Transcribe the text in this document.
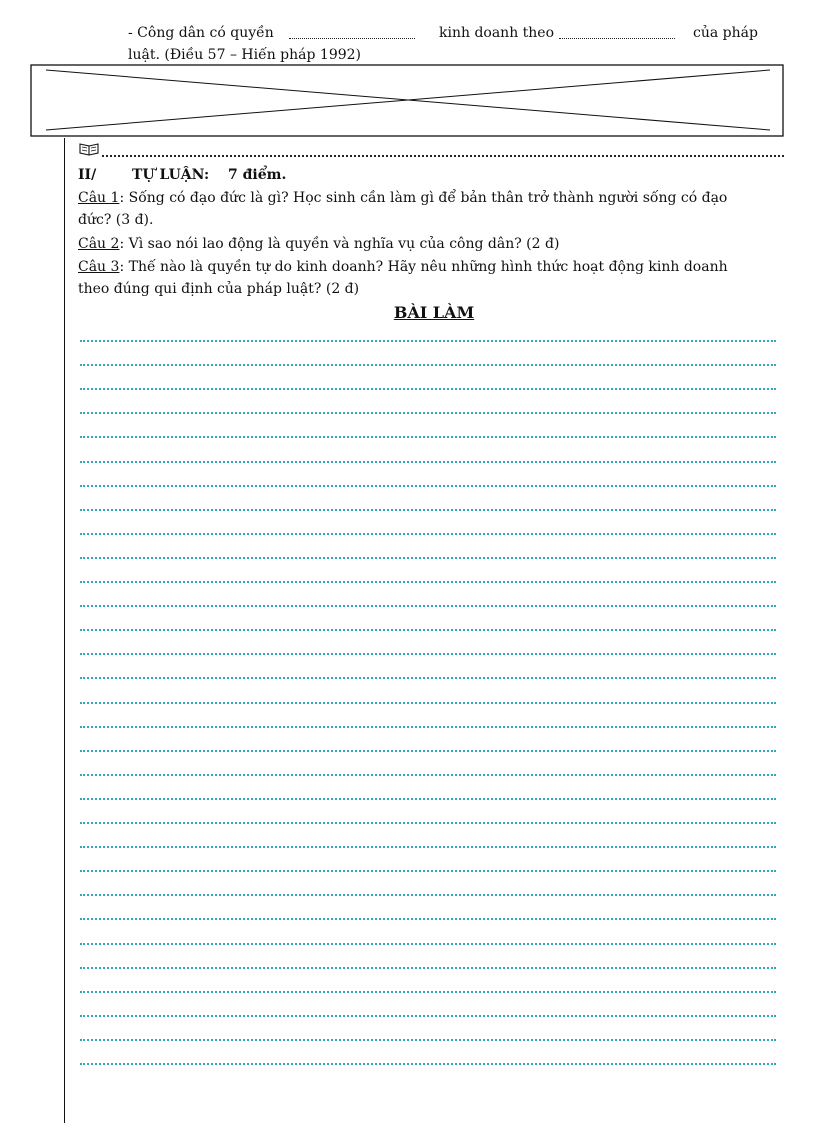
- Công dân có quyền	kinh doanh theo	của pháp
luật. (Điều 57 – Hiến pháp 1992)
II/	TỰ LUẬN: 7 điểm.
Câu 1: Sống có đạo đức là gì? Học sinh cần làm gì để bản thân trở thành người sống có đạo
đức? (3 đ).
Câu 2: Vì sao nói lao động là quyền và nghĩa vụ của công dân? (2 đ)
Câu 3: Thế nào là quyền tự do kinh doanh? Hãy nêu những hình thức hoạt động kinh doanh
theo đúng qui định của pháp luật? (2 đ)
BÀI LÀM
